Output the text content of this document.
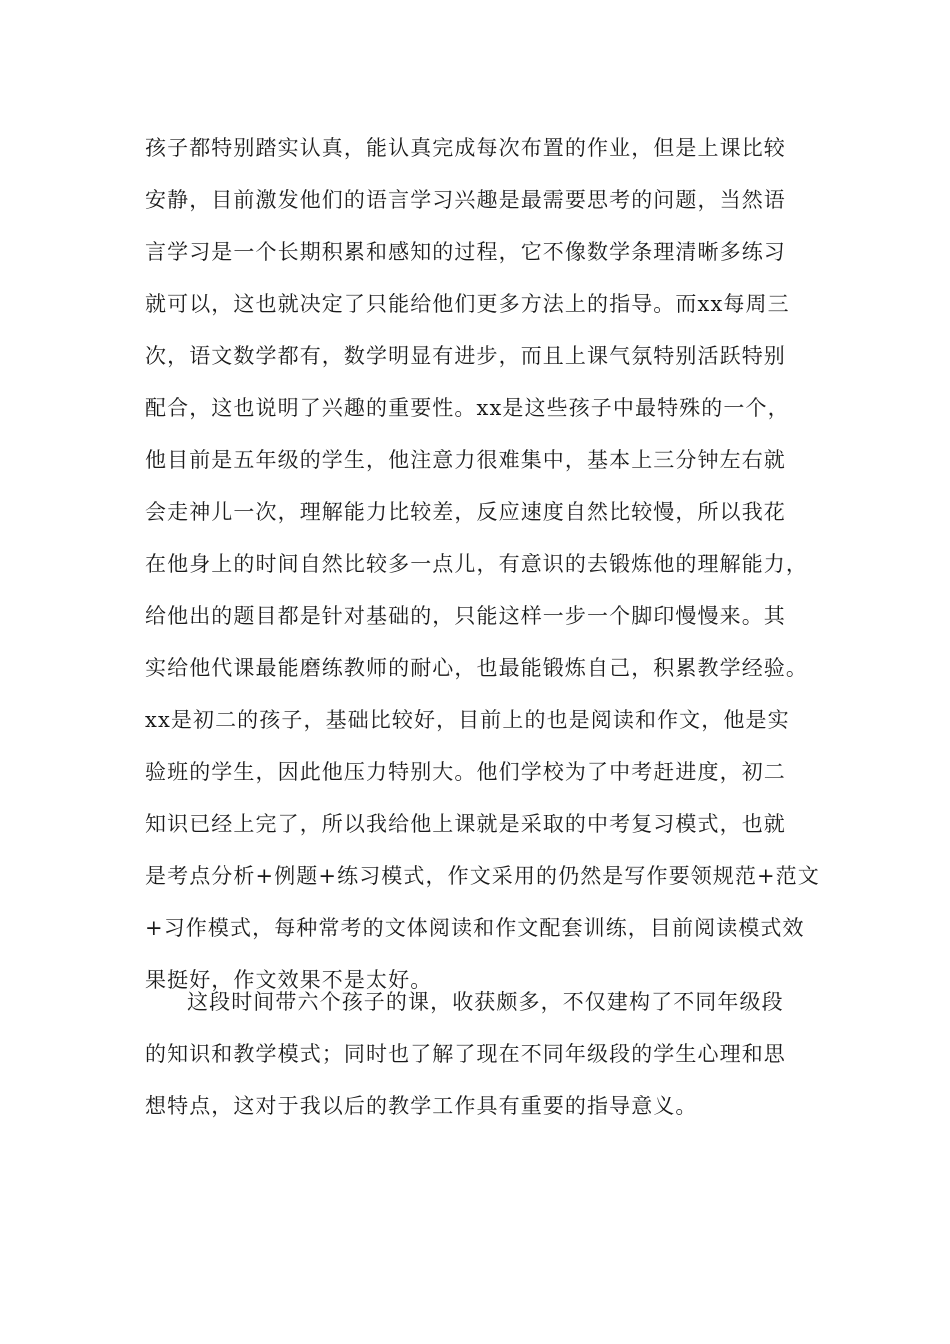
孩子都特别踏实认真，能认真完成每次布置的作业，但是上课比较
安静，目前激发他们的语言学习兴趣是最需要思考的问题，当然语
言学习是一个长期积累和感知的过程，它不像数学条理清晰多练习
就可以，这也就决定了只能给他们更多方法上的指导。而xx每周三
次，语文数学都有，数学明显有进步，而且上课气氛特别活跃特别
配合，这也说明了兴趣的重要性。xx是这些孩子中最特殊的一个，
他目前是五年级的学生，他注意力很难集中，基本上三分钟左右就
会走神儿一次，理解能力比较差，反应速度自然比较慢，所以我花
在他身上的时间自然比较多一点儿，有意识的去锻炼他的理解能力，
给他出的题目都是针对基础的，只能这样一步一个脚印慢慢来。其
实给他代课最能磨练教师的耐心，也最能锻炼自己，积累教学经验。
xx是初二的孩子，基础比较好，目前上的也是阅读和作文，他是实
验班的学生，因此他压力特别大。他们学校为了中考赶进度，初二
知识已经上完了，所以我给他上课就是采取的中考复习模式，也就
是考点分析+例题+练习模式，作文采用的仍然是写作要领规范+范文
+习作模式，每种常考的文体阅读和作文配套训练，目前阅读模式效
果挺好，作文效果不是太好。
这段时间带六个孩子的课，收获颇多，不仅建构了不同年级段
的知识和教学模式；同时也了解了现在不同年级段的学生心理和思
想特点，这对于我以后的教学工作具有重要的指导意义。
